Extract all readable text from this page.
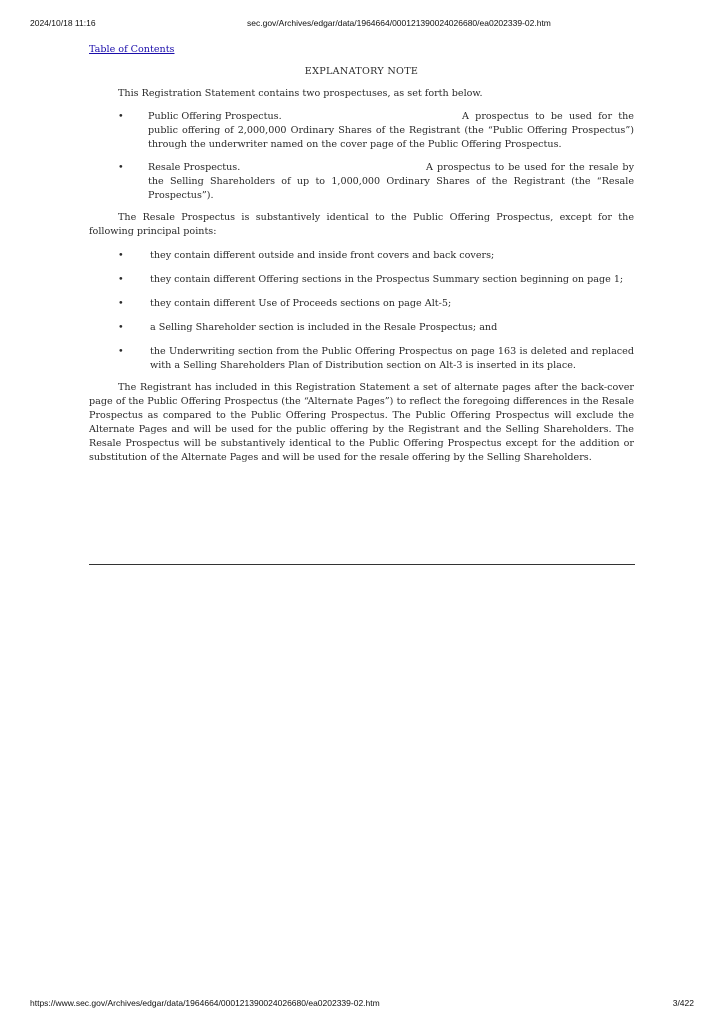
2024/10/18 11:16	sec.gov/Archives/edgar/data/1964664/000121390024026680/ea0202339-02.htm
Table of Contents
EXPLANATORY NOTE

This Registration Statement contains two prospectuses, as set forth below.

•	Public Offering Prospectus.	A prospectus to be used for the public offering of 2,000,000 Ordinary Shares of the Registrant (the “Public Offering Prospectus”) through the underwriter named on the cover page of the Public Offering Prospectus.
•	Resale Prospectus.	A prospectus to be used for the resale by the Selling Shareholders of up to 1,000,000 Ordinary Shares of the Registrant (the “Resale Prospectus”).

The Resale Prospectus is substantively identical to the Public Offering Prospectus, except for the following principal points:

•	they contain different outside and inside front covers and back covers;
•	they contain different Offering sections in the Prospectus Summary section beginning on page 1;
•	they contain different Use of Proceeds sections on page Alt-5;
•	a Selling Shareholder section is included in the Resale Prospectus; and
•	the Underwriting section from the Public Offering Prospectus on page 163 is deleted and replaced with a Selling Shareholders Plan of Distribution section on Alt-3 is inserted in its place.

The Registrant has included in this Registration Statement a set of alternate pages after the back-cover page of the Public Offering Prospectus (the “Alternate Pages”) to reflect the foregoing differences in the Resale Prospectus as compared to the Public Offering Prospectus. The Public Offering Prospectus will exclude the Alternate Pages and will be used for the public offering by the Registrant and the Selling Shareholders. The Resale Prospectus will be substantively identical to the Public Offering Prospectus except for the addition or substitution of the Alternate Pages and will be used for the resale offering by the Selling Shareholders.

https://www.sec.gov/Archives/edgar/data/1964664/000121390024026680/ea0202339-02.htm	3/422
